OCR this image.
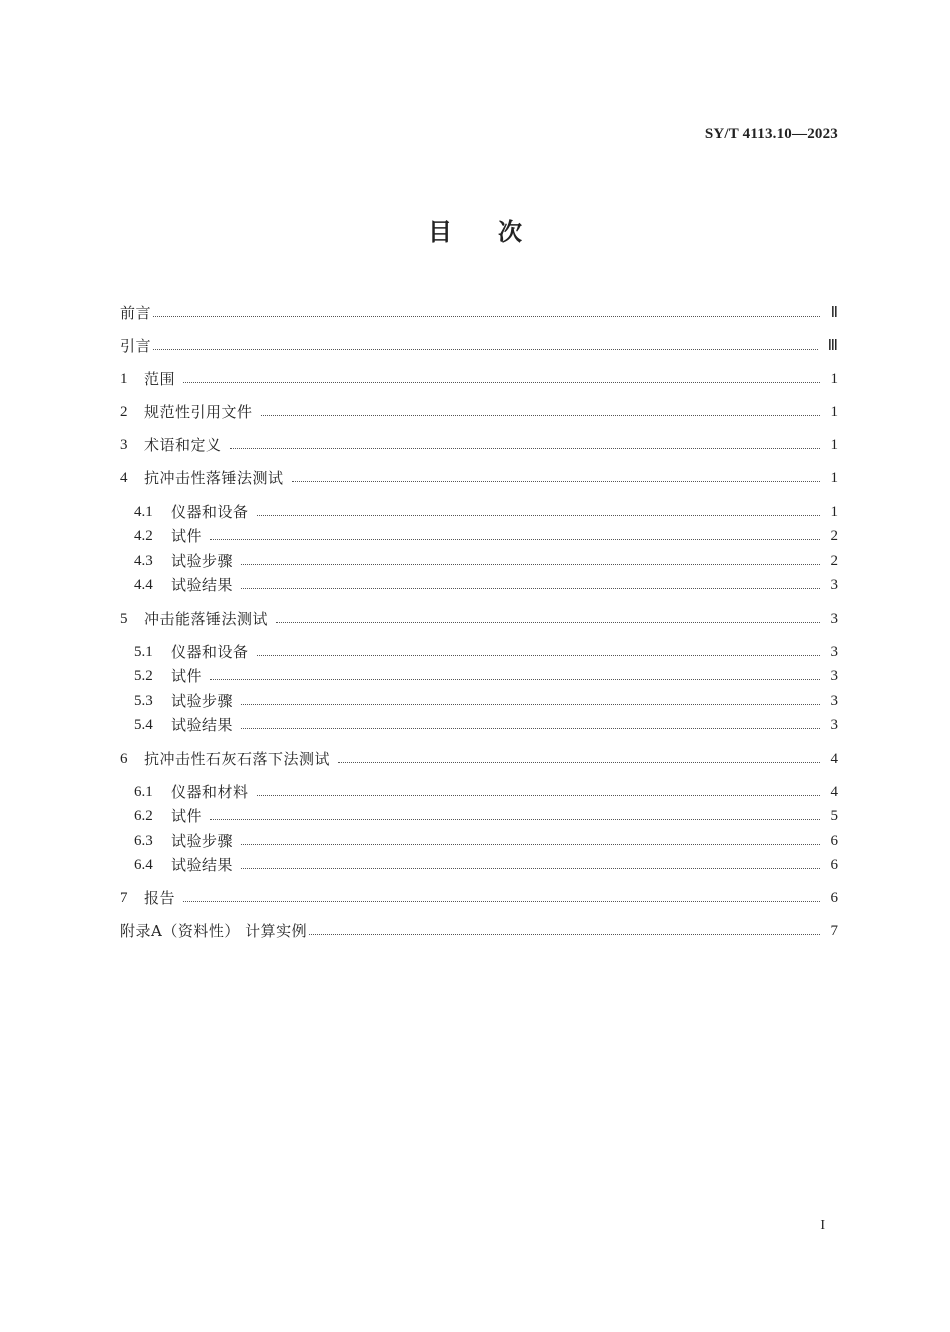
SY/T 4113.10—2023
目 次
前言	Ⅱ
引言	Ⅲ
1	范围	1
2	规范性引用文件	1
3	术语和定义	1
4	抗冲击性落锤法测试	1
4.1	仪器和设备	1
4.2	试件	2
4.3	试验步骤	2
4.4	试验结果	3
5	冲击能落锤法测试	3
5.1	仪器和设备	3
5.2	试件	3
5.3	试验步骤	3
5.4	试验结果	3
6	抗冲击性石灰石落下法测试	4
6.1	仪器和材料	4
6.2	试件	5
6.3	试验步骤	6
6.4	试验结果	6
7	报告	6
附录A（资料性） 计算实例	7
I
